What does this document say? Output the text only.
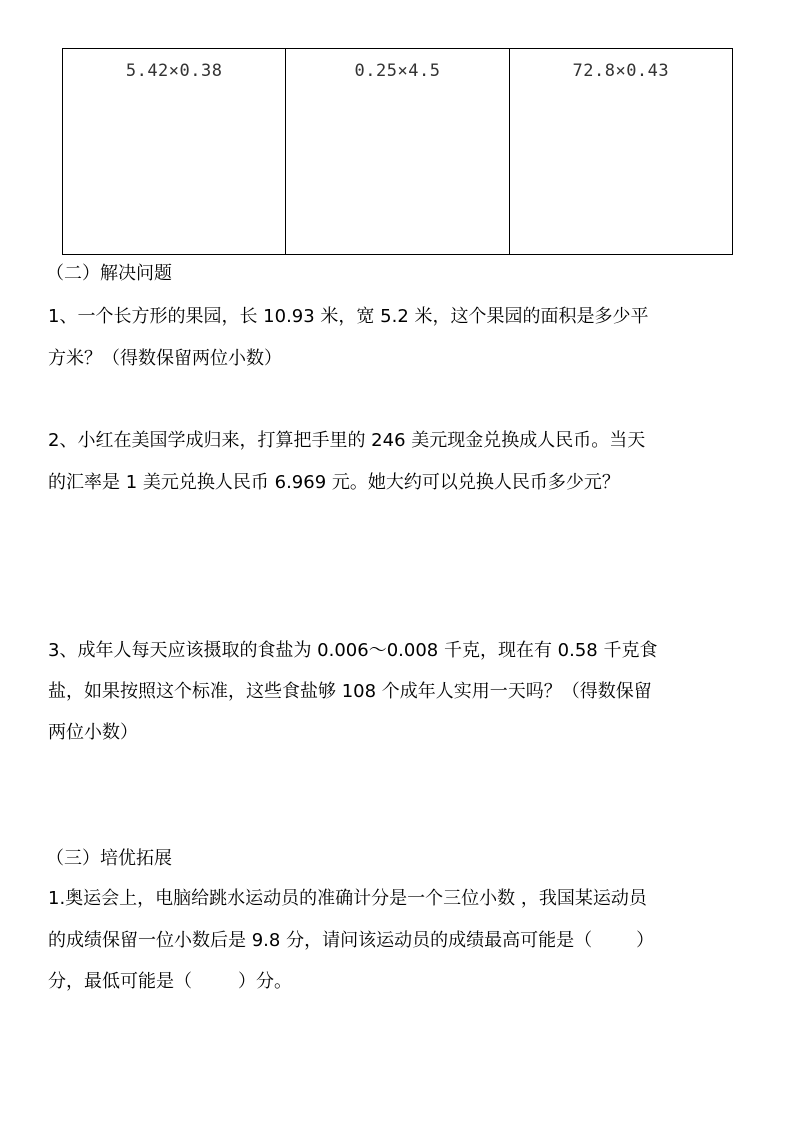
5.42×0.38	0.25×4.5	72.8×0.43
（二）解决问题
1、一个长方形的果园，长 10.93 米，宽 5.2 米，这个果园的面积是多少平
方米？（得数保留两位小数）
2、小红在美国学成归来，打算把手里的 246 美元现金兑换成人民币。当天
的汇率是 1 美元兑换人民币 6.969 元。她大约可以兑换人民币多少元？
3、成年人每天应该摄取的食盐为 0.006～0.008 千克，现在有 0.58 千克食
盐，如果按照这个标准，这些食盐够 108 个成年人实用一天吗？（得数保留
两位小数）
（三）培优拓展
1.奥运会上，电脑给跳水运动员的准确计分是一个三位小数 ，我国某运动员
的成绩保留一位小数后是 9.8 分，请问该运动员的成绩最高可能是（ ）
分，最低可能是（	）分。
